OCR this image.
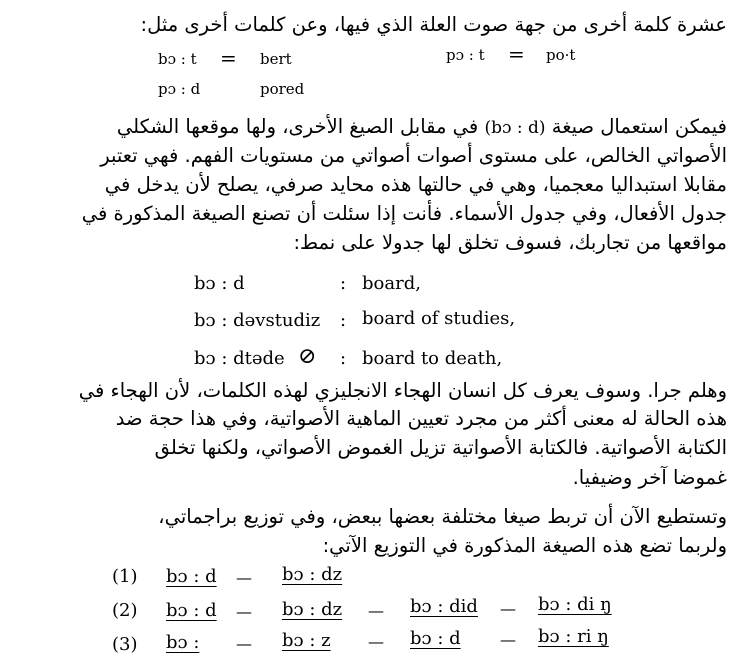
عشرة كلمة أخرى من جهة صوت العلة الذي فيها، وعن كلمات أخرى مثل:
bɔ : t = bert	pɔ : t = po·t
pɔ : d	pored
فيمكن استعمال صيغة (bɔ : d) في مقابل الصيغ الأخرى، ولها موقعها الشكلي
الأصواتي الخالص، على مستوى أصوات أصواتي من مستويات الفهم. فهي تعتبر
مقابلا استبداليا معجميا، وهي في حالتها هذه محايد صرفي، يصلح لأن يدخل في
جدول الأفعال، وفي جدول الأسماء. فأنت إذا سئلت أن تصنع الصيغة المذكورة في
مواقعها من تجاربك، فسوف تخلق لها جدولا على نمط:
bɔ : d	: board,
bɔ : dəvstudiz : board of studies,
bɔ : dtəde ⊘ : board to death,
وهلم جرا. وسوف يعرف كل انسان الهجاء الانجليزي لهذه الكلمات، لأن الهجاء في
هذه الحالة له معنى أكثر من مجرد تعيين الماهية الأصواتية، وفي هذا حجة ضد
الكتابة الأصواتية. فالكتابة الأصواتية تزيل الغموض الأصواتي، ولكنها تخلق
غموضا آخر وضيفيا.
وتستطيع الآن أن تربط صيغا مختلفة بعضها ببعض، وفي توزيع براجماتي،
ولربما تضع هذه الصيغة المذكورة في التوزيع الآتي:
(1) bɔ : d — bɔ : dz
(2) bɔ : d — bɔ : dz — bɔ : did — bɔ : di ŋ
(3) bɔ : — bɔ : z — bɔ : d — bɔ : ri ŋ
